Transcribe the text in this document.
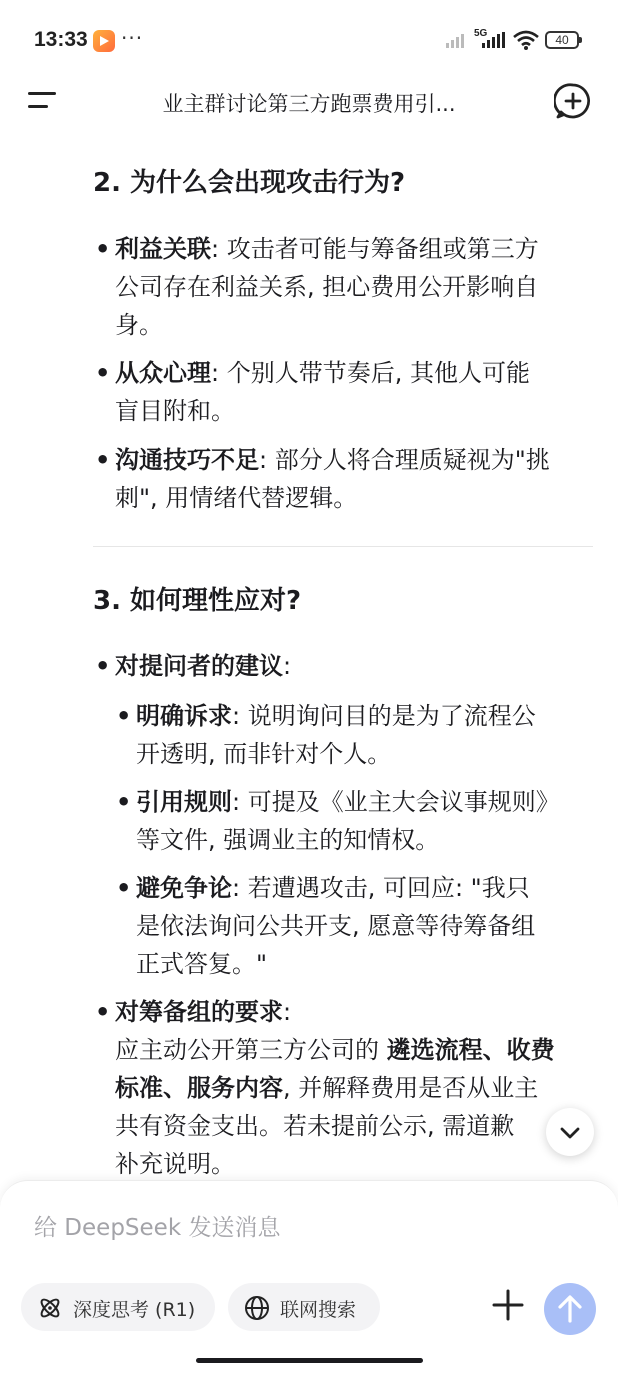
13:33 ···	5G	40
业主群讨论第三方跑票费用引...
2. 为什么会出现攻击行为?
• 利益关联: 攻击者可能与筹备组或第三方
公司存在利益关系, 担心费用公开影响自
身。
• 从众心理: 个别人带节奏后, 其他人可能
盲目附和。
• 沟通技巧不足: 部分人将合理质疑视为"挑
刺", 用情绪代替逻辑。
3. 如何理性应对?
• 对提问者的建议:
• 明确诉求: 说明询问目的是为了流程公
开透明, 而非针对个人。
• 引用规则: 可提及《业主大会议事规则》
等文件, 强调业主的知情权。
• 避免争论: 若遭遇攻击, 可回应: "我只
是依法询问公共开支, 愿意等待筹备组
正式答复。"
• 对筹备组的要求:
应主动公开第三方公司的 遴选流程、收费
标准、服务内容, 并解释费用是否从业主
共有资金支出。若未提前公示, 需道歉
补充说明。
给 DeepSeek 发送消息
深度思考 (R1)	联网搜索
